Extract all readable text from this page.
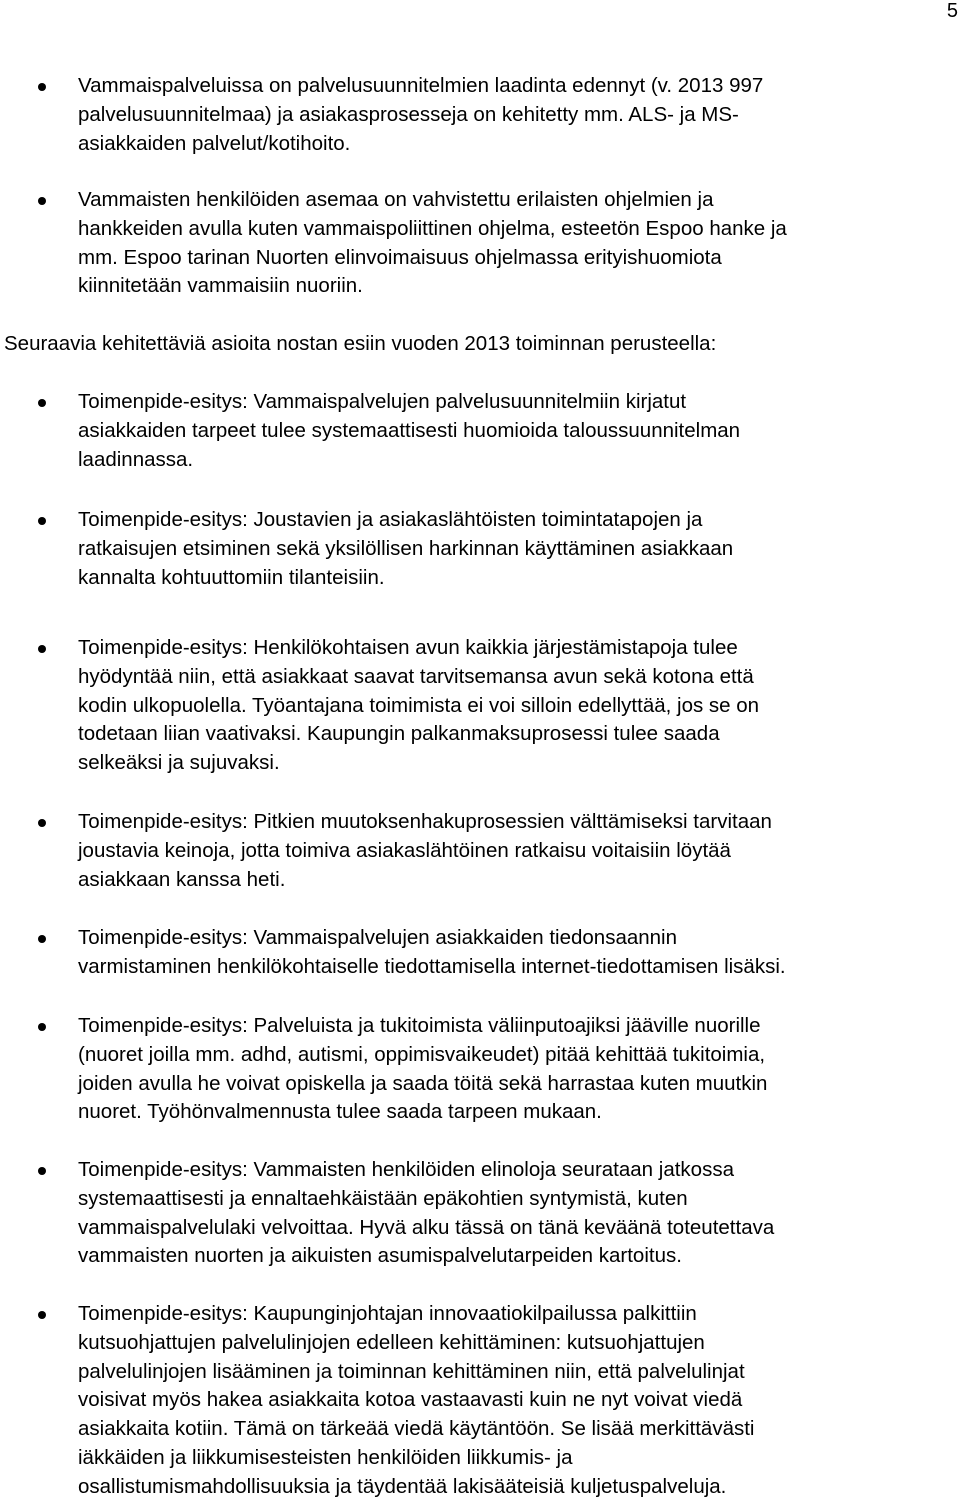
5
Vammaispalveluissa on palvelusuunnitelmien laadinta edennyt (v. 2013 997
palvelusuunnitelmaa) ja asiakasprosesseja on kehitetty mm. ALS- ja MS-
asiakkaiden palvelut/kotihoito.
Vammaisten henkilöiden asemaa on vahvistettu erilaisten ohjelmien ja
hankkeiden avulla kuten vammaispoliittinen ohjelma, esteetön Espoo hanke ja
mm. Espoo tarinan Nuorten elinvoimaisuus ohjelmassa erityishuomiota
kiinnitetään vammaisiin nuoriin.
Seuraavia kehitettäviä asioita nostan esiin vuoden 2013 toiminnan perusteella:
Toimenpide-esitys: Vammaispalvelujen palvelusuunnitelmiin kirjatut
asiakkaiden tarpeet tulee systemaattisesti huomioida taloussuunnitelman
laadinnassa.
Toimenpide-esitys: Joustavien ja asiakaslähtöisten toimintatapojen ja
ratkaisujen etsiminen sekä yksilöllisen harkinnan käyttäminen asiakkaan
kannalta kohtuuttomiin tilanteisiin.
Toimenpide-esitys: Henkilökohtaisen avun kaikkia järjestämistapoja tulee
hyödyntää niin, että asiakkaat saavat tarvitsemansa avun sekä kotona että
kodin ulkopuolella. Työantajana toimimista ei voi silloin edellyttää, jos se on
todetaan liian vaativaksi. Kaupungin palkanmaksuprosessi tulee saada
selkeäksi ja sujuvaksi.
Toimenpide-esitys: Pitkien muutoksenhakuprosessien välttämiseksi tarvitaan
joustavia keinoja, jotta toimiva asiakaslähtöinen ratkaisu voitaisiin löytää
asiakkaan kanssa heti.
Toimenpide-esitys: Vammaispalvelujen asiakkaiden tiedonsaannin
varmistaminen henkilökohtaiselle tiedottamisella internet-tiedottamisen lisäksi.
Toimenpide-esitys: Palveluista ja tukitoimista väliinputoajiksi jääville nuorille
(nuoret joilla mm. adhd, autismi, oppimisvaikeudet) pitää kehittää tukitoimia,
joiden avulla he voivat opiskella ja saada töitä sekä harrastaa kuten muutkin
nuoret. Työhönvalmennusta tulee saada tarpeen mukaan.
Toimenpide-esitys: Vammaisten henkilöiden elinoloja seurataan jatkossa
systemaattisesti ja ennaltaehkäistään epäkohtien syntymistä, kuten
vammaispalvelulaki velvoittaa. Hyvä alku tässä on tänä keväänä toteutettava
vammaisten nuorten ja aikuisten asumispalvelutarpeiden kartoitus.
Toimenpide-esitys: Kaupunginjohtajan innovaatiokilpailussa palkittiin
kutsuohjattujen palvelulinjojen edelleen kehittäminen: kutsuohjattujen
palvelulinjojen lisääminen ja toiminnan kehittäminen niin, että palvelulinjat
voisivat myös hakea asiakkaita kotoa vastaavasti kuin ne nyt voivat viedä
asiakkaita kotiin. Tämä on tärkeää viedä käytäntöön. Se lisää merkittävästi
iäkkäiden ja liikkumisesteisten henkilöiden liikkumis- ja
osallistumismahdollisuuksia ja täydentää lakisääteisiä kuljetuspalveluja.
